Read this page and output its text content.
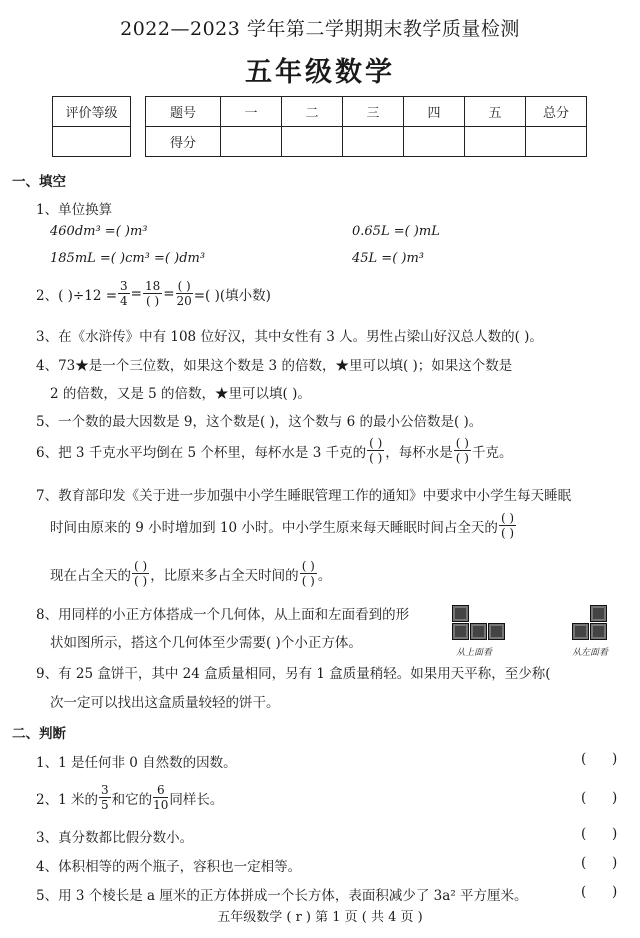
2022—2023 学年第二学期期末教学质量检测
五年级数学
评价等级	题号	一	二	三	四	五	总分
得分						
一、填空
1、单位换算
460dm³ =( )m³	0.65L =( )mL
185mL =( )cm³ =( )dm³	45L =( )m³
2、( )$\div 12 = \frac{3}{4} = \frac{18}{( )} = \frac{( )}{20}$ =( )(填小数)
3、在《水浒传》中有 108 位好汉，其中女性有 3 人。男性占梁山好汉总人数的( )。
4、73★是一个三位数，如果这个数是 3 的倍数，★里可以填( )；如果这个数是
2 的倍数，又是 5 的倍数，★里可以填( )。
5、一个数的最大因数是 9，这个数是( )，这个数与 6 的最小公倍数是( )。
6、把 3 千克水平均倒在 5 个杯里，每杯水是 3 千克的 $\frac{( )}{( )}$ ，每杯水是 $\frac{( )}{( )}$ 千克。
7、教育部印发《关于进一步加强中小学生睡眠管理工作的通知》中要求中小学生每天睡眠
时间由原来的 9 小时增加到 10 小时。中小学生原来每天睡眠时间占全天的 $\frac{( )}{( )}$
现在占全天的 $\frac{( )}{( )}$ ，比原来多占全天时间的 $\frac{( )}{( )}$ 。
8、用同样的小正方体搭成一个几何体，从上面和左面看到的形
状如图所示，搭这个几何体至少需要( )个小正方体。
从上面看	从左面看
9、有 25 盒饼干，其中 24 盒质量相同，另有 1 盒质量稍轻。如果用天平称，至少称(
次一定可以找出这盒质量较轻的饼干。
二、判断
1、1 是任何非 0 自然数的因数。	(      )
2、1 米的 $\frac{3}{5}$ 和它的 $\frac{6}{10}$ 同样长。	(      )
3、真分数都比假分数小。	(      )
4、体积相等的两个瓶子，容积也一定相等。	(      )
5、用 3 个棱长是 a 厘米的正方体拼成一个长方体，表面积减少了 3a² 平方厘米。	(      )
五年级数学 ( r ) 第 1 页 ( 共 4 页 )
